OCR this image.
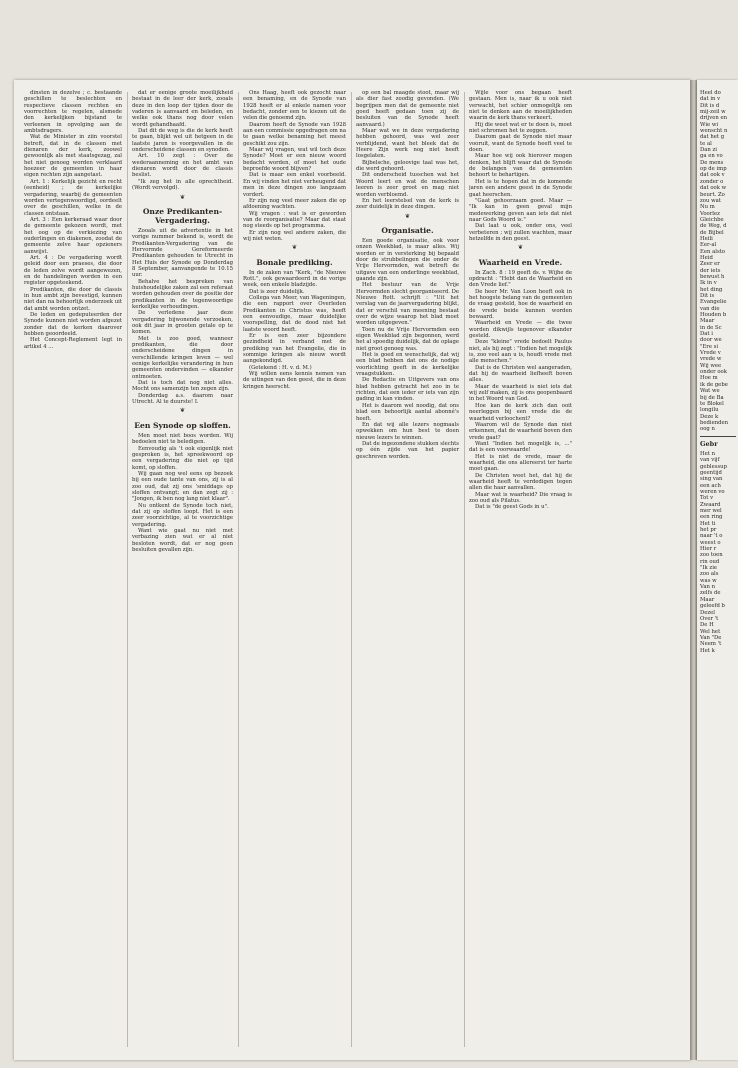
dinsten in dezelve ; c. bestaande geschillen te beslechten en respectieve classen rechten en voorrechten te regelen, alsmede den kerkelijken bijstand te verleenen in opvolging aan de ambtsdragers.

Wat de Minister in ziin voorstel betreft, dat in de classen met dienaren der kerk, zoowel gewoonlijk als met staatsgezag, zal het niet genoeg worden verklaard hoezeer de gemeenten in haar eigen rechten zijn aangetast.

Art. 1 : Kerkelijk gezicht en recht (eenheid) ; de kerkelijke vergadering, waarbij de gemeenten worden vertegenwoordigd, oordeelt over de geschillen, welke in de classen ontstaan.

Art. 3 : Een kerkeraad waar door de gemeente gekozen wordt, met het oog op de verkiezing van ouderlingen en diakenen, zoodat de gemeente zelve haar opzieners aanwijst.

Art. 4 : De vergadering wordt geleid door een praeses, die door de leden zelve wordt aangewezen, en de handelingen worden in een register opgeteekend.

Predikanten, die door de classis in hun ambt zijn bevestigd, kunnen niet dan na behoorlijk onderzoek uit dat ambt worden ontzet.

De leden en gedeputeerden der Synode kunnen niet worden afgezet zonder dat de kerken daarover hebben geoordeeld.

Het Concept-Reglement legt in artikel 4 ...

dat er eenige groote moeilijkheid bestaat in de leer der kerk, zooals deze in den loop der tijden door de vaderen is aanvaard en beleden, en welke ook thans nog door velen wordt gehandhaafd.

Dat dit de weg is die de kerk heeft te gaan, blijkt wel uit hetgeen in de laatste jaren is voorgevallen in de onderscheidene classen en synoden.

Art. 10 zegt : Over de wederaanneming en het ambt van dienaren wordt door de classis beslist.

"Ik zeg het in alle oprechtheid. (Wordt vervolgd).

❦
Onze Predikanten-Vergadering.

Zooals uit de advertentie in het vorige nummer bekend is, wordt de Predikanten-Vergadering van de Hervormde Gereformeerde Predikanten gehouden te Utrecht in Het Huis der Synode op Donderdag 8 September, aanvangende te 10.15 uur.

Behalve het bespreken van huishoudelijke zaken zal een referaat worden gehouden over de positie der predikanten in de tegenwoordige kerkelijke verhoudingen.

De verledene jaar deze vergadering bijwonende verzoeken, ook dit jaar in grooten getale op te komen.

Met is zoo goed, wanneer predikanten, die door onderscheidene dingen in verschillende kringen leven — wel eenige kerkelijke verandering in hun gemeenten ondervinden — elkander ontmoeten.

Dat is toch dat nog niet alles. Mocht ons samenzijn ten zegen zijn.

Donderdag a.s. daarom naar Utrecht. Al te duurste! I.

❦
Een Synode op sloffen.

Men moet niet boos worden. Wij bedoelen niet te beledigen.

Eenvoudig als 't ook eigenlijk niet gesproken is, het spreekwoord op een vergadering die niet op tijd komt, op sloffen.

Wij gaan nog wel eens op bezoek bij een oude tante van ons, zij is al zoo oud, dat zij ons 'smiddags op sloffen ontvangt; en dan zegt zij : "Jongen, ik ben nog lang niet klaar".

Nu ontkent de Synode toch niet, dat zij op sloffen loopt. Het is een zeer voorzichtige, al te voorzichtige vergadering.

Want wie gaat nu niet met verbazing zien wat er al niet besloten wordt, dat er nog geen besluiten gevallen zijn.

Ons Haag, heeft ook gezocht naar een benaming, en de Synode van 1928 heeft er al enkele namen voor bedacht, zonder een te kiezen uit de velen die genoemd zijn.

Daarom heeft de Synode van 1928 aan een commissie opgedragen om na te gaan welke benaming het meest geschikt zou zijn.

Maar wij vragen, wat wil toch deze Synode? Moet er een nieuw woord bedacht worden, of moet het oude beproefde woord blijven?

Dat is maar een enkel voorbeeld. En wij vinden het niet verheugend dat men in deze dingen zoo langzaam vordert.

Er zijn nog veel meer zaken die op afdoening wachten.

Wij vragen : wat is er geworden van de reorganisatie? Maar dat staat nog steeds op het programma.

Er zijn nog wel andere zaken, die wij niet weten.

❦
Bonale prediking.

In de zaken van "Kerk, "de Nieuwe Rott.", ook gewaardeerd in de vorige week, een enkele bladzijde.

Dat is zeer duidelijk.

Collega van Meer, van Wageningen, die een rapport over Overleden Predikanten in Christus was, heeft een eenvoudige, maar duidelijke voorspelling, dat de dood niet het laatste woord heeft.

Er is een zeer bijzondere gezindheid in verband met de prediking van het Evangelie, die in sommige kringen als nieuw wordt aangekondigd.

(Getekend : H. v. d. M.)

Wij willen eens kennis nemen van de uitingen van den geest, die in deze kringen heerscht.

op een bal maagde stoot, maar wij als dier fast zoodig gevonden. (We begrijpen men dat de gemeente niet goed heeft gedaan toen zij de besluiten van de Synode heeft aanvaard.)

Maar wat we in deze vergadering hebben gehoord, was wel zeer verblijdend, want het bleek dat de Heere Zijn werk nog niet heeft losgelaten.

Bijbelsche, geloovige taal was het, die werd gehoord.

Dit onderscheid tusschen wat het Woord leert en wat de menschen leeren is zeer groot en mag niet worden verbloemd.

En het leerstelsel van de kerk is zeer duidelijk in deze dingen.

❦
Organisatie.

Een goede organisatie, ook voor onzen Weekblad, is maar alles. Wij worden er in versterking bij bepaald door de strubbelingen die onder de Vrije Hervormden, wat betreft de uitgave van een onderlinge weekblad, gaande zijn.

Het bestuur van de Vrije Hervormden slecht georganiseerd. De Nieuwe Rott. schrijft : "Uit het verslag van de jaarvergadering blijkt, dat er verschil van meening bestaat over de wijze waarop het blad moet worden uitgegeven."

Toen nu de Vrije Hervormden een eigen Weekblad zijn begonnen, werd het al spoedig duidelijk, dat de oplage niet groot genoeg was.

Het is goed en wenschelijk, dat wij een blad hebben dat ons de nodige voorlichting geeft in de kerkelijke vraagstukken.

De Redactie en Uitgevers van ons blad hebben getracht het zoo in te richten, dat een ieder er iets van zijn gading in kan vinden.

Het is daarom wel noodig, dat ons blad een behoorlijk aantal abonné's heeft.

En dat wij alle lezers nogmaals opwekken om hun best te doen nieuwe lezers te winnen.

Dat de ingezondene stukken slechts op één zijde van het papier geschreven worden.

Wijle voor ons begaan heeft gestaan. Men is, naar ik u ook niet verwacht, het schier onmogelijk om niet te denken aan de moeilijkheden waarin de kerk thans verkeert.

Hij die weet wat er te doen is, moet niet schromen het te zeggen.

Daarom gaat de Synode niet maar vooruit, want de Synode heeft veel te doen.

Maar hoe wij ook hierover mogen denken, het blijft waar dat de Synode de belangen van de gemeenten behoort te behartigen.

Het is te hopen dat in de komende jaren een andere geest in de Synode gaat heerschen.

"Gaat gehoorzaam goed. Maar — "Ik kan in geen geval mijn medewerking geven aan iets dat niet naar Gods Woord is."

Dat laat u ook, onder ons, veel verbeteren ; wij zullen wachten, maar hetzelfde in den geest.

❦
Waarheid en Vrede.

In Zach. 8 : 19 geeft ds. v. Wijhe de opdracht : "Hebt dan de Waarheid en den Vrede lief."

De heer Mr. Van Loon heeft ook in het hoogste belang van de gemeenten de vraag gesteld, hoe de waarheid en de vrede beide kunnen worden bewaard.

Waarheid en Vrede — die twee worden dikwijls tegenover elkander gesteld.

Deze "kleine" vrede bedoelt Paulus niet, als hij zegt : "Indien het mogelijk is, zoo veel aan u is, houdt vrede met alle menschen."

Dat is de Christen wel aangeraden, dat hij de waarheid liefheeft boven alles.

Maar de waarheid is niet iets dat wij zelf maken, zij is ons geopenbaard in het Woord van God.

Hoe kan de kerk zich dan ooit neerleggen bij een vrede die de waarheid verloochent?

Waarom wil de Synode dan niet erkennen, dat de waarheid boven den vrede gaat?

Want "Indien het mogelijk is, ..." dat is een voorwaarde!

Het is niet de vrede, maar de waarheid, die ons allereerst ter harte moet gaan.

De Christen weet het, dat hij de waarheid heeft te verdedigen tegen allen die haar aanvallen.

Maar wat is waarheid? Die vraag is zoo oud als Pilatus.

Dat is "de geest Gods in u".

Heel do
dat in v
Dit is d
mij-zeil w
drijven en
Wie wi
wenscht n
dat het g
te al
Dan zi
ga en vo
De mens
op de imp
dat ook v
zonder o
dat ook w
beurt. Zo
zou wat
Nu m
Voorlez
Gleichbe
de Weg, d
de Bijbel
Heili
Eer-al
Een alsto
Heid
Zeer er
der iets
bewust h
Ik in v
het ding
Dit is
Evangelie
van die
Houden b
Maar
in de Sc
Dat i
door we
"Ere si
Vrede v
vrede w
Wij wee
onder ook
Hoe m
ik de gebe
Wat we
bij de Ba
te Blokel
longilu
Deze k
bedienden
oog n
Gebr
Het n
van vijf
geblessup
geentijd
sing van
een ach
weren vo
Tot v
Zwaard
mer wel
een ring
Het ti
het pr
naar 't o
weest o
Hier r
zoo toen
rin oud
"Ik zie
zoo als
was w
Van n
zelfs de
Maar
geleefd b
Dezel
Over 't
De H
Wel het
Van "De
Neem 't
Het k
